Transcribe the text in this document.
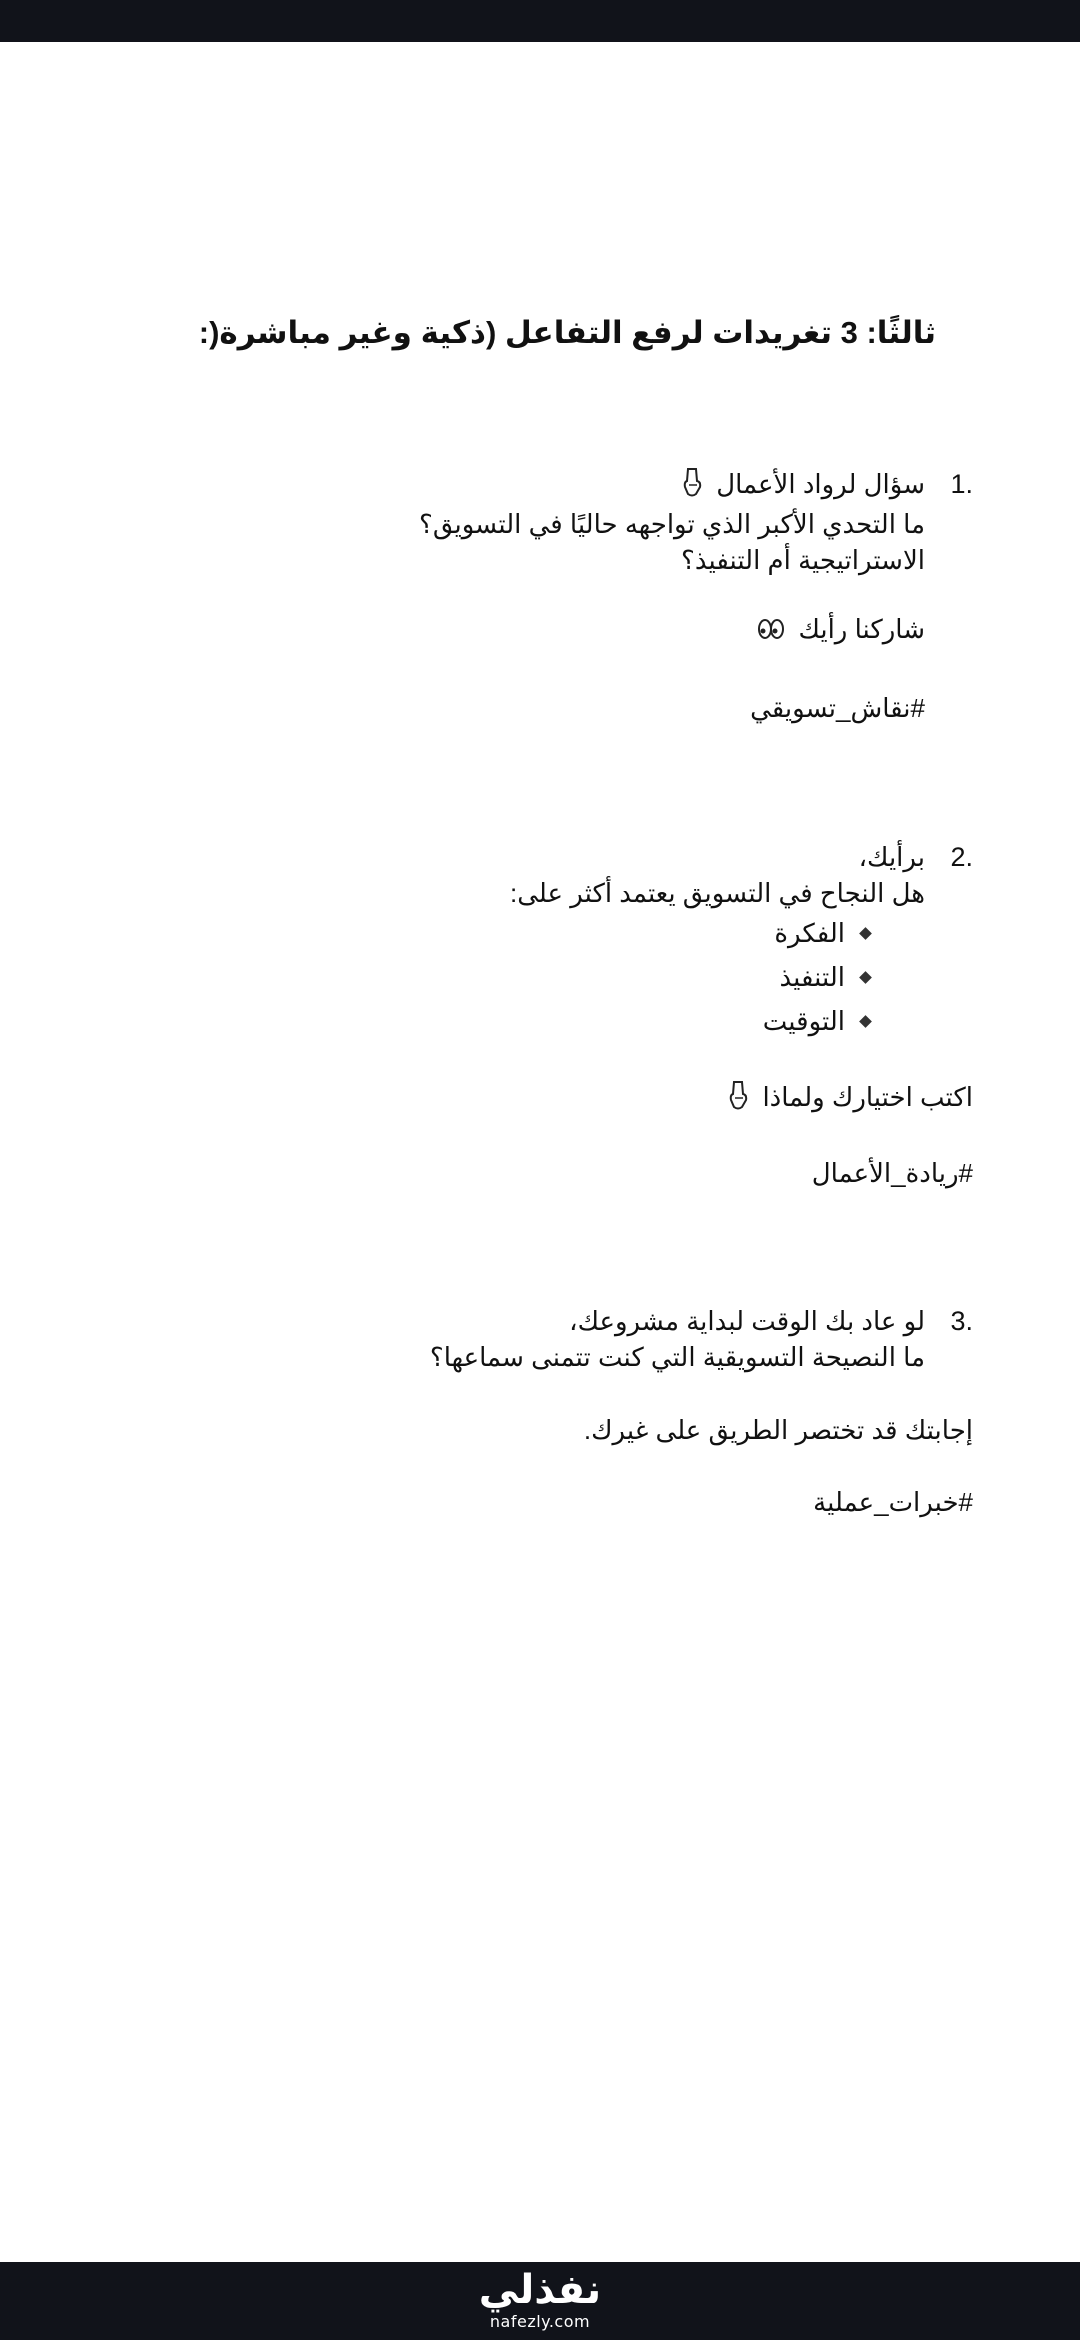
ثالثًا: 3 تغريدات لرفع التفاعل (ذكية وغير مباشرة(:
1.
سؤال لرواد الأعمال
ما التحدي الأكبر الذي تواجهه حاليًا في التسويق؟
الاستراتيجية أم التنفيذ؟
شاركنا رأيك
#نقاش_تسويقي
2.
برأيك،
هل النجاح في التسويق يعتمد أكثر على:
الفكرة
التنفيذ
التوقيت
اكتب اختيارك ولماذا
#ريادة_الأعمال
3.
لو عاد بك الوقت لبداية مشروعك،
ما النصيحة التسويقية التي كنت تتمنى سماعها؟
إجابتك قد تختصر الطريق على غيرك.
#خبرات_عملية
نفذلي
nafezly.com
